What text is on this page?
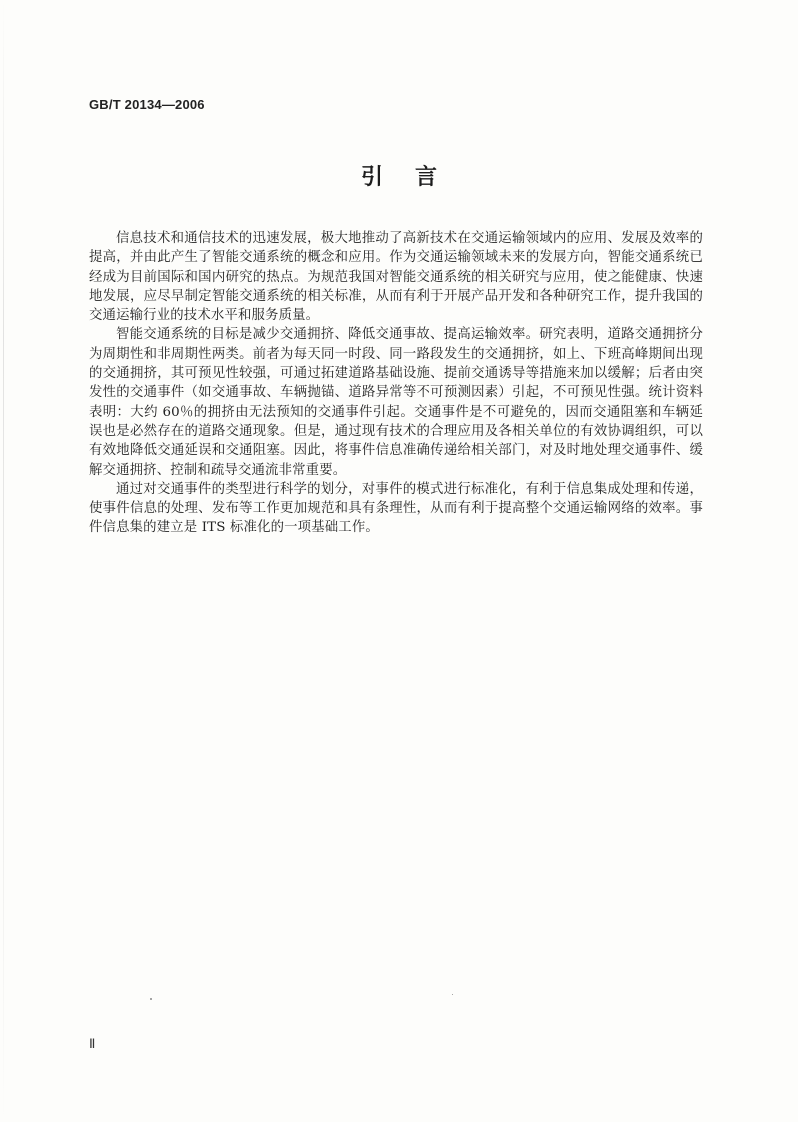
GB/T 20134—2006
引 言

信息技术和通信技术的迅速发展，极大地推动了高新技术在交通运输领域内的应用、发展及效率的提高，并由此产生了智能交通系统的概念和应用。作为交通运输领域未来的发展方向，智能交通系统已经成为目前国际和国内研究的热点。为规范我国对智能交通系统的相关研究与应用，使之能健康、快速地发展，应尽早制定智能交通系统的相关标准，从而有利于开展产品开发和各种研究工作，提升我国的交通运输行业的技术水平和服务质量。

智能交通系统的目标是减少交通拥挤、降低交通事故、提高运输效率。研究表明，道路交通拥挤分为周期性和非周期性两类。前者为每天同一时段、同一路段发生的交通拥挤，如上、下班高峰期间出现的交通拥挤，其可预见性较强，可通过拓建道路基础设施、提前交通诱导等措施来加以缓解；后者由突发性的交通事件（如交通事故、车辆抛锚、道路异常等不可预测因素）引起，不可预见性强。统计资料表明：大约 60％的拥挤由无法预知的交通事件引起。交通事件是不可避免的，因而交通阻塞和车辆延误也是必然存在的道路交通现象。但是，通过现有技术的合理应用及各相关单位的有效协调组织，可以有效地降低交通延误和交通阻塞。因此，将事件信息准确传递给相关部门，对及时地处理交通事件、缓解交通拥挤、控制和疏导交通流非常重要。

通过对交通事件的类型进行科学的划分，对事件的模式进行标准化，有利于信息集成处理和传递，使事件信息的处理、发布等工作更加规范和具有条理性，从而有利于提高整个交通运输网络的效率。事件信息集的建立是 ITS 标准化的一项基础工作。

Ⅱ
